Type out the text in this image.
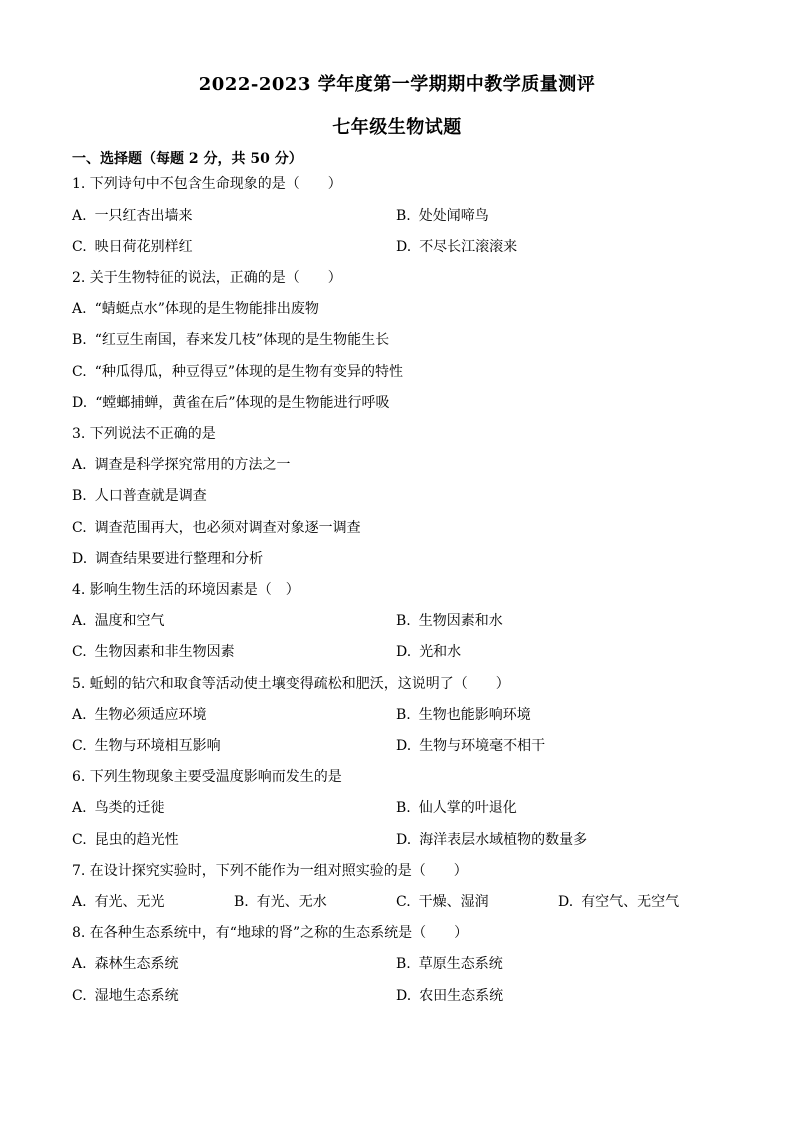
2022-2023 学年度第一学期期中教学质量测评
七年级生物试题
一、选择题（每题 2 分，共 50 分）
1. 下列诗句中不包含生命现象的是（　　）
A. 一只红杏出墙来	B. 处处闻啼鸟
C. 映日荷花别样红	D. 不尽长江滚滚来
2. 关于生物特征的说法，正确的是（　　）
A. “蜻蜓点水”体现的是生物能排出废物
B. “红豆生南国，春来发几枝”体现的是生物能生长
C. “种瓜得瓜，种豆得豆”体现的是生物有变异的特性
D. “螳螂捕蝉，黄雀在后”体现的是生物能进行呼吸
3. 下列说法不正确的是
A. 调查是科学探究常用的方法之一
B. 人口普查就是调查
C. 调查范围再大，也必须对调查对象逐一调查
D. 调查结果要进行整理和分析
4. 影响生物生活的环境因素是（　）
A. 温度和空气	B. 生物因素和水
C. 生物因素和非生物因素	D. 光和水
5. 蚯蚓的钻穴和取食等活动使土壤变得疏松和肥沃，这说明了（　　）
A. 生物必须适应环境	B. 生物也能影响环境
C. 生物与环境相互影响	D. 生物与环境毫不相干
6. 下列生物现象主要受温度影响而发生的是
A. 鸟类的迁徙	B. 仙人掌的叶退化
C. 昆虫的趋光性	D. 海洋表层水域植物的数量多
7. 在设计探究实验时，下列不能作为一组对照实验的是（　　）
A. 有光、无光	B. 有光、无水	C. 干燥、湿润	D. 有空气、无空气
8. 在各种生态系统中，有“地球的肾”之称的生态系统是（　　）
A. 森林生态系统	B. 草原生态系统
C. 湿地生态系统	D. 农田生态系统
